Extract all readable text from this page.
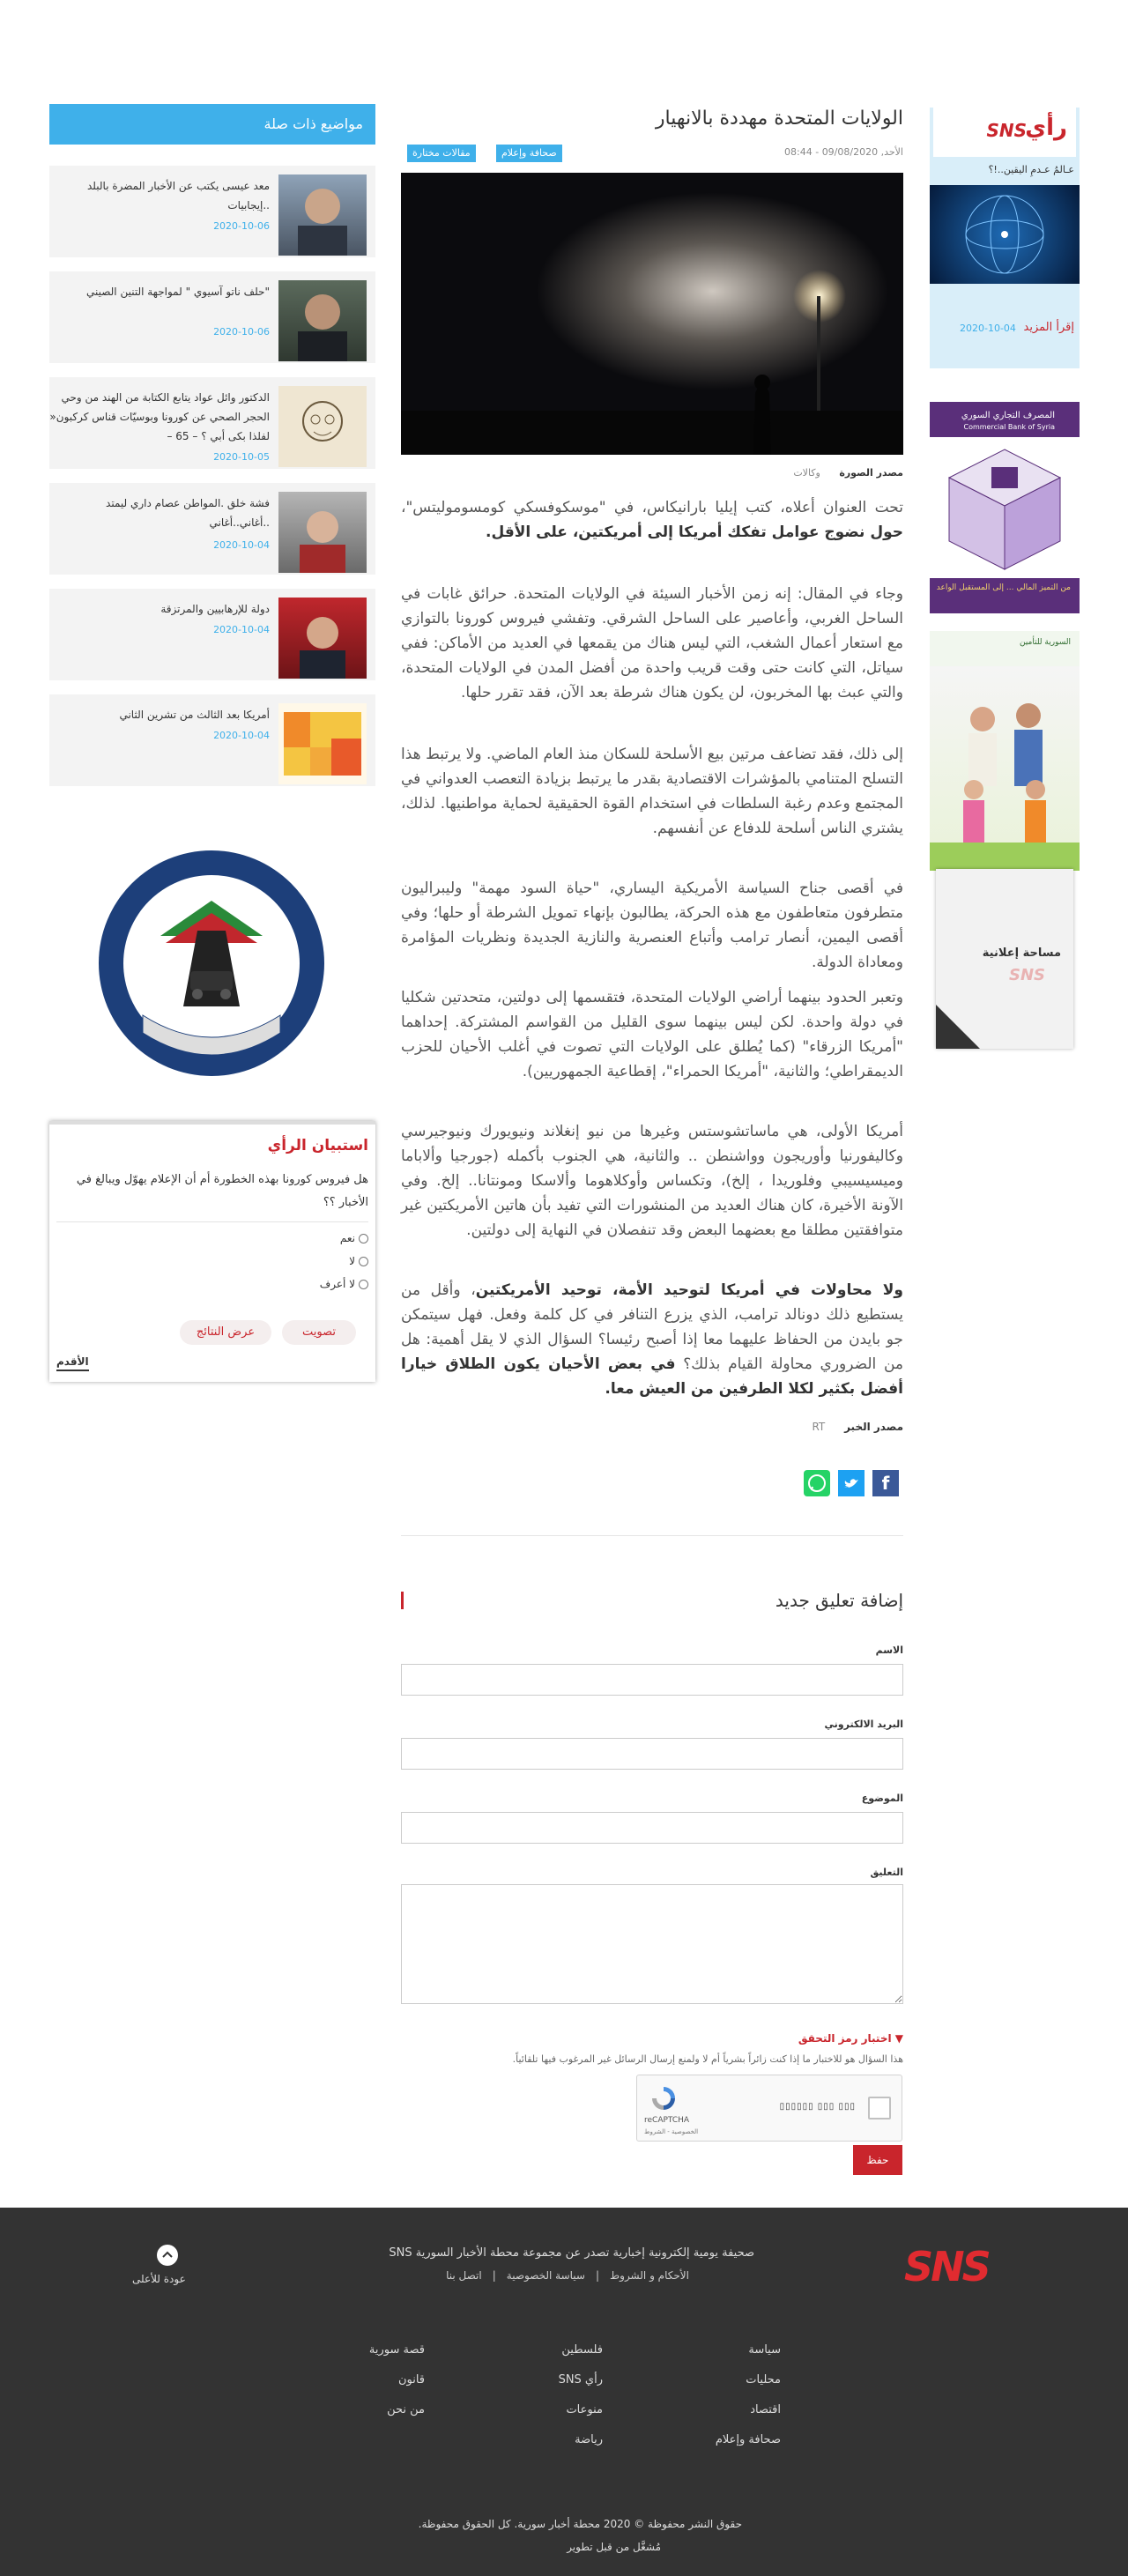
مواضيع ذات صلة
معد عيسى يكتب عن الأخبار المضرة بالبلد ..إيجابيات
2020-10-06
"حلف ناتو آسيوي " لمواجهة التنين الصيني
2020-10-06
الدكتور وائل عواد يتابع الكتابة من الهند من وحي الحجر الصحي عن كورونا وبوسيّات قناس كركبون« لفلذا بكى أبي ؟ – 65 –
2020-10-05
فشة خلق .المواطن عصام داري ليمتد ..أغاني..أغاني
2020-10-04
دولة للإرهابيين والمرتزقة
2020-10-04
أمريكا بعد الثالث من تشرين الثاني
2020-10-04
استبيان الرأي
هل فيروس كورونا بهذه الخطورة أم أن الإعلام يهوّل ويبالغ في الأخبار ؟؟
نعم
لا
لا أعرف
تصويت
عرض النتائج
الأقدم
الولايات المتحدة مهددة بالانهيار
الأحد, 09/08/2020 - 08:44
صحافة وإعلام
مقالات مختارة
مصدر الصورة وكالات
تحت العنوان أعلاه، كتب إيليا بارانيكاس، في "موسكوفسكي كومسوموليتس"، حول نضوج عوامل تفكك أمريكا إلى أمريكتين، على الأقل.
وجاء في المقال: إنه زمن الأخبار السيئة في الولايات المتحدة. حرائق غابات في الساحل الغربي، وأعاصير على الساحل الشرقي. وتفشي فيروس كورونا بالتوازي مع استعار أعمال الشغب، التي ليس هناك من يقمعها في العديد من الأماكن: ففي سياتل، التي كانت حتى وقت قريب واحدة من أفضل المدن في الولايات المتحدة، والتي عبث بها المخربون، لن يكون هناك شرطة بعد الآن، فقد تقرر حلها.
إلى ذلك، فقد تضاعف مرتين بيع الأسلحة للسكان منذ العام الماضي. ولا يرتبط هذا التسلح المتنامي بالمؤشرات الاقتصادية بقدر ما يرتبط بزيادة التعصب العدواني في المجتمع وعدم رغبة السلطات في استخدام القوة الحقيقية لحماية مواطنيها. لذلك، يشتري الناس أسلحة للدفاع عن أنفسهم.
في أقصى جناح السياسة الأمريكية اليساري، "حياة السود مهمة" وليبراليون متطرفون متعاطفون مع هذه الحركة، يطالبون بإنهاء تمويل الشرطة أو حلها؛ وفي أقصى اليمين، أنصار ترامب وأتباع العنصرية والنازية الجديدة ونظريات المؤامرة ومعاداة الدولة.
وتعبر الحدود بينهما أراضي الولايات المتحدة، فتقسمها إلى دولتين، متحدتين شكليا في دولة واحدة. لكن ليس بينهما سوى القليل من القواسم المشتركة. إحداهما "أمريكا الزرقاء" (كما يُطلق على الولايات التي تصوت في أغلب الأحيان للحزب الديمقراطي؛ والثانية، "أمريكا الحمراء"، إقطاعية الجمهوريين).
أمريكا الأولى، هي ماساتشوستس وغيرها من نيو إنغلاند ونيويورك ونيوجيرسي وكاليفورنيا وأوريجون وواشنطن .. والثانية، هي الجنوب بأكمله (جورجيا وألاباما وميسيسيبي وفلوريدا ، إلخ)، وتكساس وأوكلاهوما وألاسكا ومونتانا.. إلخ. وفي الآونة الأخيرة، كان هناك العديد من المنشورات التي تفيد بأن هاتين الأمريكتين غير متوافقتين مطلقا مع بعضهما البعض وقد تنفصلان في النهاية إلى دولتين.
ولا محاولات في أمريكا لتوحيد الأمة، توحيد الأمريكتين، وأقل من يستطيع ذلك دونالد ترامب، الذي يزرع التنافر في كل كلمة وفعل. فهل سيتمكن جو بايدن من الحفاظ عليهما معا إذا أصبح رئيسا؟ السؤال الذي لا يقل أهمية: هل من الضروري محاولة القيام بذلك؟ في بعض الأحيان يكون الطلاق خيارا أفضل بكثير لكلا الطرفين من العيش معا.
مصدر الخبر RT
f
إضافة تعليق جديد
الاسم
البريد الالكتروني
الموضوع
التعليق
▼ اختبار رمز التحقق
هذا السؤال هو للاختبار ما إذا كنت زائراً بشرياً أم لا ولمنع إرسال الرسائل غير المرغوب فيها تلقائياً.
▯▯▯▯▯▯ ▯▯▯ ▯▯▯
reCAPTCHA
الخصوصية - الشروط
حفظ
رأي
SNS
عـالمُ عـدمِ اليقين..!؟
إقرأ المزيد
2020-10-04
المصرف التجاري السوري
Commercial Bank of Syria
من التميز المالي ... إلى المستقبل الواعد
السورية للتأمين
مساحة إعلانية
SNS
SNS
صحيفة يومية إلكترونية إخبارية تصدر عن مجموعة محطة الأخبار السورية SNS
الأحكام و الشروط
|
سياسة الخصوصية
|
اتصل بنا
عودة للأعلى
سياسة
محليات
اقتصاد
صحافة وإعلام
فلسطين
رأي SNS
منوعات
رياضة
قصة سورية
قانون
من نحن
حقوق النشر محفوظة © 2020 محطة أخبار سورية. كل الحقوق محفوظة.
مُشغَّل من قبل تطوير
